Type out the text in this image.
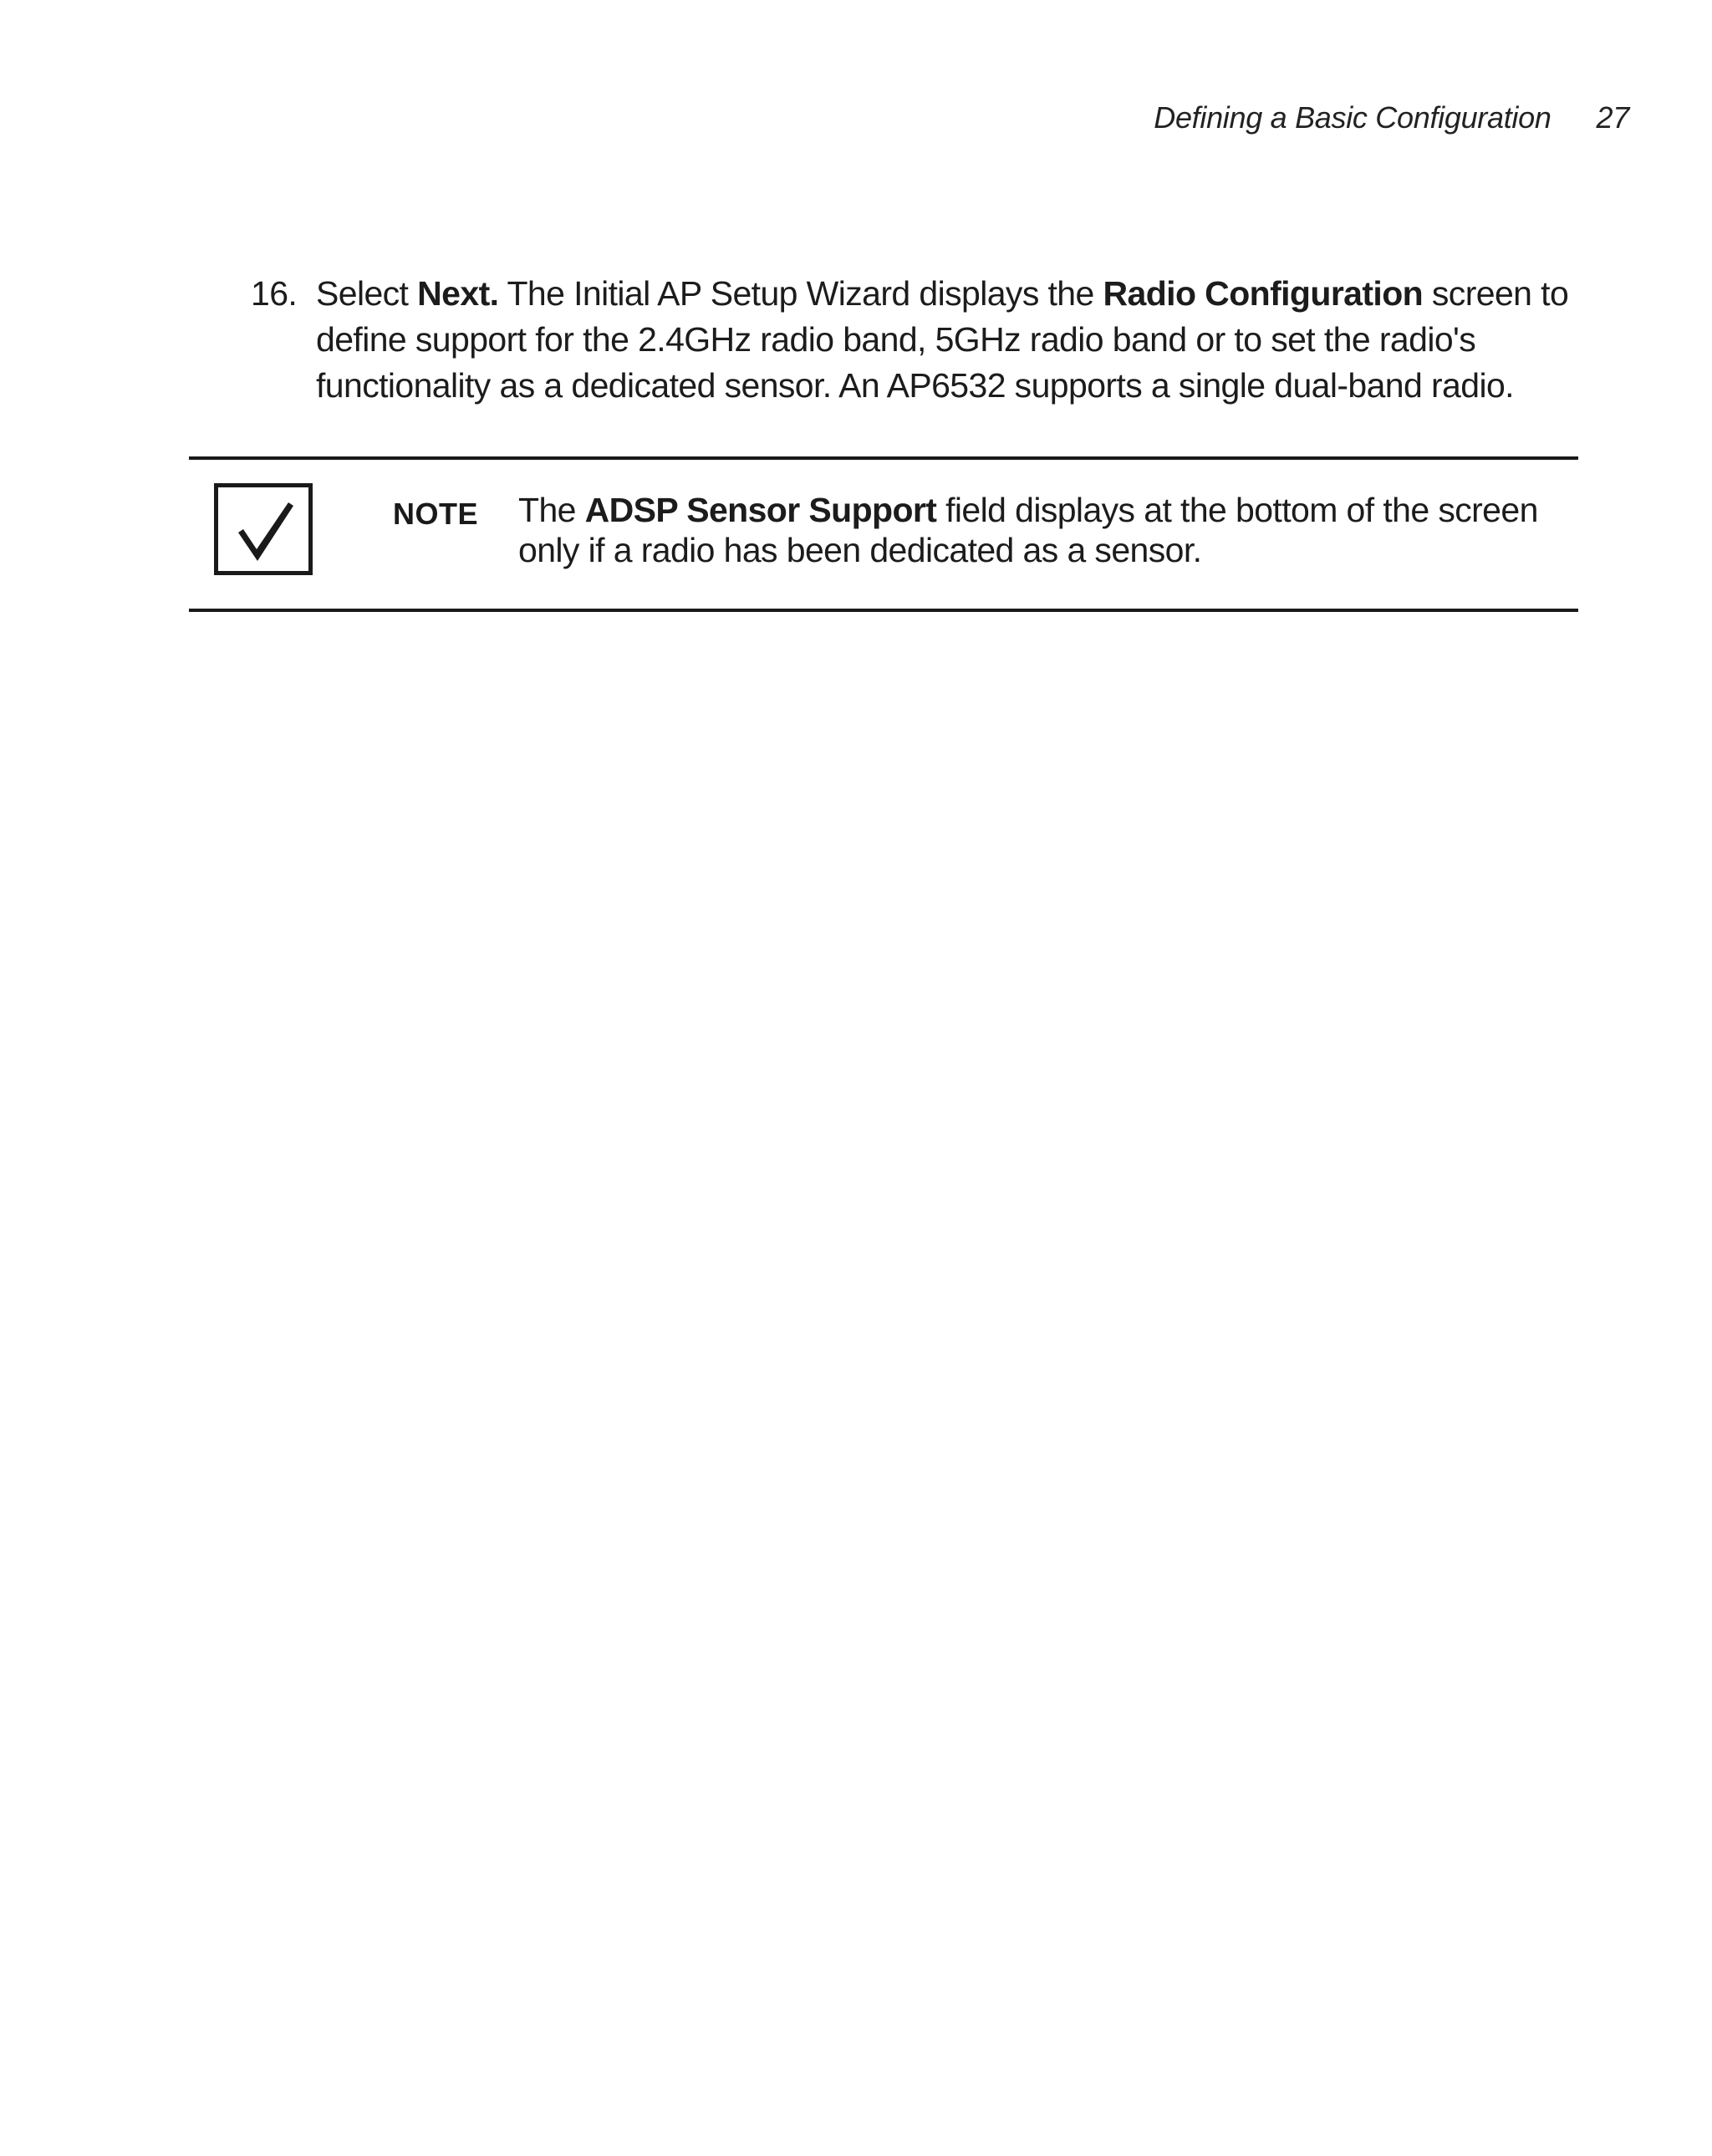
Defining a Basic Configuration 27
16. Select Next. The Initial AP Setup Wizard displays the Radio Configuration screen to define support for the 2.4GHz radio band, 5GHz radio band or to set the radio's functionality as a dedicated sensor. An AP6532 supports a single dual-band radio.
NOTE The ADSP Sensor Support field displays at the bottom of the screen only if a radio has been dedicated as a sensor.
